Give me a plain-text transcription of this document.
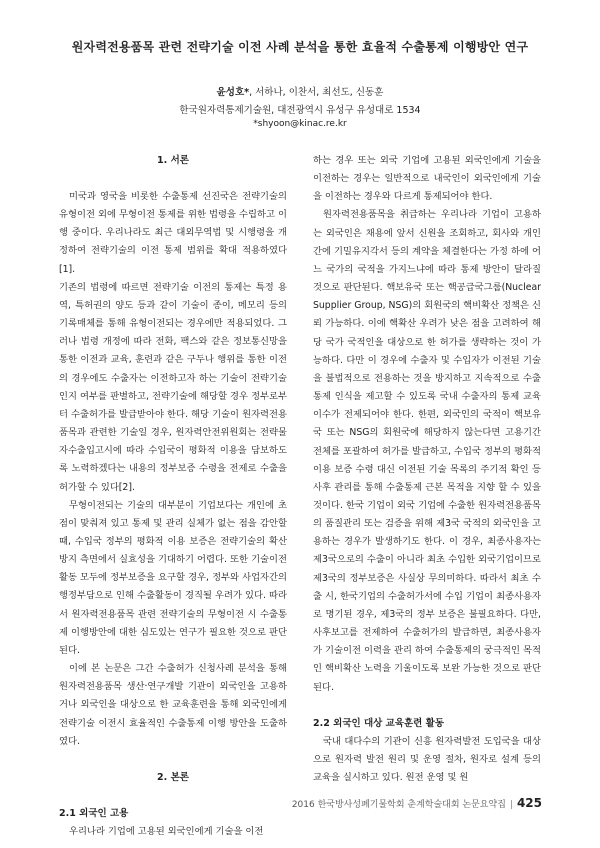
원자력전용품목 관련 전략기술 이전 사례 분석을 통한 효율적 수출통제 이행방안 연구
윤성호*, 서하나, 이찬서, 최선도, 신동훈
한국원자력통제기술원, 대전광역시 유성구 유성대로 1534
*shyoon@kinac.re.kr

1. 서론

미국과 영국을 비롯한 수출통제 선진국은 전략기술의 유형이전 외에 무형이전 통제를 위한 법령을 수립하고 이행 중이다. 우리나라도 최근 대외무역법 및 시행령을 개정하여 전략기술의 이전 통제 범위를 확대 적용하였다[1].

기존의 법령에 따르면 전략기술 이전의 통제는 특정 용역, 특허권의 양도 등과 같이 기술이 종이, 메모리 등의 기록매체를 통해 유형이전되는 경우에만 적용되었다. 그러나 법령 개정에 따라 전화, 팩스와 같은 정보통신망을 통한 이전과 교육, 훈련과 같은 구두나 행위를 통한 이전의 경우에도 수출자는 이전하고자 하는 기술이 전략기술인지 여부를 판별하고, 전략기술에 해당할 경우 정부로부터 수출허가를 발급받아야 한다. 해당 기술이 원자력전용품목과 관련한 기술일 경우, 원자력안전위원회는 전략물자수출입고시에 따라 수입국이 평화적 이용을 담보하도록 노력하겠다는 내용의 정부보증 수령을 전제로 수출을 허가할 수 있다[2].

무형이전되는 기술의 대부분이 기업보다는 개인에 초점이 맞춰져 있고 통제 및 관리 실체가 없는 점을 감안할 때, 수입국 정부의 평화적 이용 보증은 전략기술의 확산 방지 측면에서 실효성을 기대하기 어렵다. 또한 기술이전 활동 모두에 정부보증을 요구할 경우, 정부와 사업자간의 행정부담으로 인해 수출활동이 경직될 우려가 있다. 따라서 원자력전용품목 관련 전략기술의 무형이전 시 수출통제 이행방안에 대한 심도있는 연구가 필요한 것으로 판단된다.

이에 본 논문은 그간 수출허가 신청사례 분석을 통해 원자력전용품목 생산·연구개발 기관이 외국인을 고용하거나 외국인을 대상으로 한 교육훈련을 통해 외국인에게 전략기술 이전시 효율적인 수출통제 이행 방안을 도출하였다.

2. 본론

2.1 외국인 고용

우리나라 기업에 고용된 외국인에게 기술을 이전

하는 경우 또는 외국 기업에 고용된 외국인에게 기술을 이전하는 경우는 일반적으로 내국인이 외국인에게 기술을 이전하는 경우와 다르게 통제되어야 한다.

원자력전용품목을 취급하는 우리나라 기업이 고용하는 외국인은 채용에 앞서 신원을 조회하고, 회사와 개인 간에 기밀유지각서 등의 계약을 체결한다는 가정 하에 어느 국가의 국적을 가지느냐에 따라 통제 방안이 달라질 것으로 판단된다. 핵보유국 또는 핵공급국그룹(Nuclear Supplier Group, NSG)의 회원국의 핵비확산 정책은 신뢰 가능하다. 이에 핵확산 우려가 낮은 점을 고려하여 해당 국가 국적인을 대상으로 한 허가를 생략하는 것이 가능하다. 다만 이 경우에 수출자 및 수입자가 이전된 기술을 불법적으로 전용하는 것을 방지하고 지속적으로 수출통제 인식을 제고할 수 있도록 국내 수출자의 통제 교육 이수가 전제되어야 한다. 한편, 외국인의 국적이 핵보유국 또는 NSG의 회원국에 해당하지 않는다면 고용기간 전체를 포괄하여 허가를 발급하고, 수입국 정부의 평화적 이용 보증 수령 대신 이전된 기술 목록의 주기적 확인 등 사후 관리를 통해 수출통제 근본 목적을 지향 할 수 있을 것이다. 한국 기업이 외국 기업에 수출한 원자력전용품목의 품질관리 또는 검증을 위해 제3국 국적의 외국인을 고용하는 경우가 발생하기도 한다. 이 경우, 최종사용자는 제3국으로의 수출이 아니라 최초 수입한 외국기업이므로 제3국의 정부보증은 사실상 무의미하다. 따라서 최초 수출 시, 한국기업의 수출허가서에 수입 기업이 최종사용자로 명기된 경우, 제3국의 정부 보증은 불필요하다. 다만, 사후보고를 전제하여 수출허가의 발급하면, 최종사용자가 기술이전 이력을 관리 하여 수출통제의 궁극적인 목적인 핵비확산 노력을 기울이도록 보완 가능한 것으로 판단된다.

2.2 외국인 대상 교육훈련 활동

국내 대다수의 기관이 신흥 원자력발전 도입국을 대상으로 원자력 발전 원리 및 운영 절차, 원자로 설계 등의 교육을 실시하고 있다. 원전 운영 및 원

2016 한국방사성폐기물학회 춘계학술대회 논문요약집 | 425
